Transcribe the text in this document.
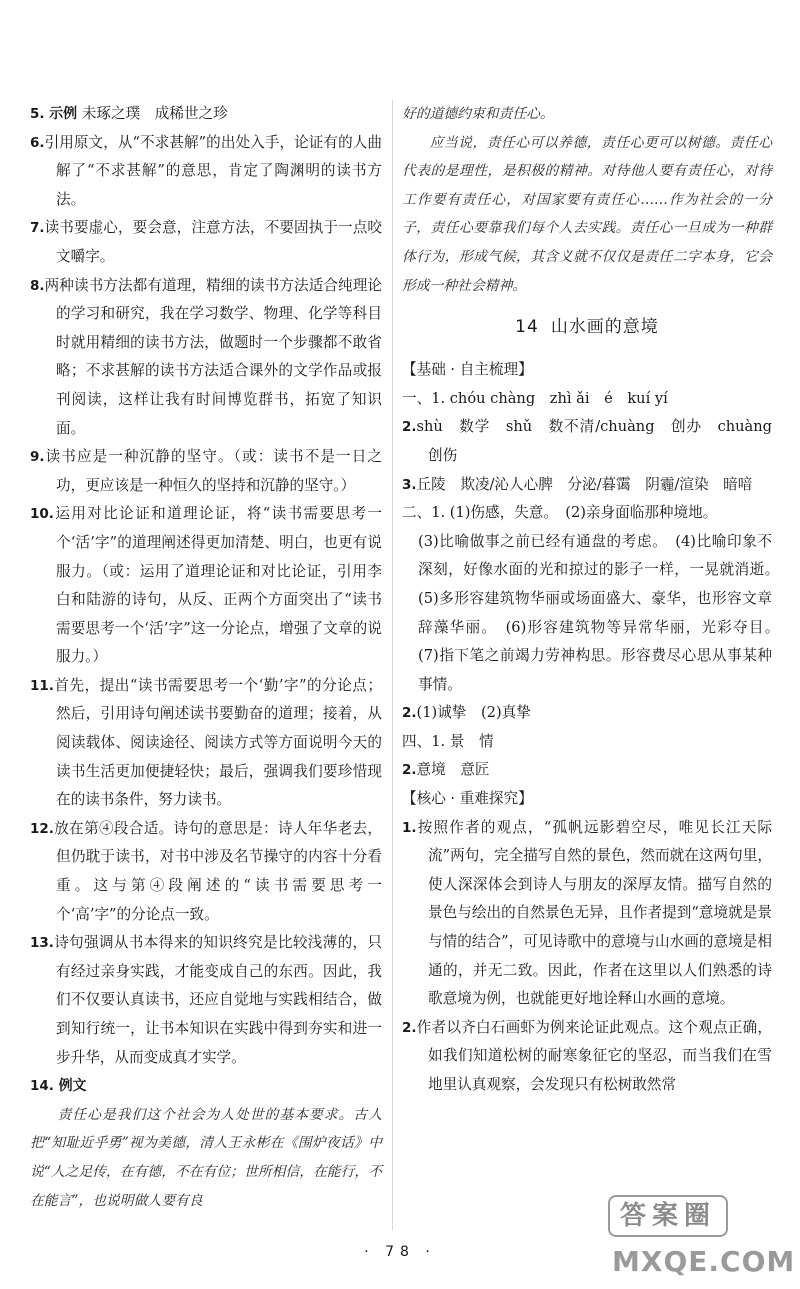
5. 示例 未琢之璞　成稀世之珍

6.引用原文，从“不求甚解”的出处入手，论证有的人曲解了“不求甚解”的意思，肯定了陶渊明的读书方法。

7.读书要虚心，要会意，注意方法，不要固执于一点咬文嚼字。

8.两种读书方法都有道理，精细的读书方法适合纯理论的学习和研究，我在学习数学、物理、化学等科目时就用精细的读书方法，做题时一个步骤都不敢省略；不求甚解的读书方法适合课外的文学作品或报刊阅读，这样让我有时间博览群书，拓宽了知识面。

9.读书应是一种沉静的坚守。（或：读书不是一日之功，更应该是一种恒久的坚持和沉静的坚守。）

10.运用对比论证和道理论证，将“读书需要思考一个‘活’字”的道理阐述得更加清楚、明白，也更有说服力。（或：运用了道理论证和对比论证，引用李白和陆游的诗句，从反、正两个方面突出了“读书需要思考一个‘活’字”这一分论点，增强了文章的说服力。）

11.首先，提出“读书需要思考一个‘勤’字”的分论点；然后，引用诗句阐述读书要勤奋的道理；接着，从阅读载体、阅读途径、阅读方式等方面说明今天的读书生活更加便捷轻快；最后，强调我们要珍惜现在的读书条件，努力读书。

12.放在第④段合适。诗句的意思是：诗人年华老去，但仍耽于读书，对书中涉及名节操守的内容十分看重。这与第④段阐述的“读书需要思考一个‘高’字”的分论点一致。

13.诗句强调从书本得来的知识终究是比较浅薄的，只有经过亲身实践，才能变成自己的东西。因此，我们不仅要认真读书，还应自觉地与实践相结合，做到知行统一，让书本知识在实践中得到夯实和进一步升华，从而变成真才实学。

14. 例文

责任心是我们这个社会为人处世的基本要求。古人把“知耻近乎勇”视为美德，清人王永彬在《围炉夜话》中说“人之足传，在有德，不在有位；世所相信，在能行，不在能言”，也说明做人要有良

好的道德约束和责任心。

应当说，责任心可以养德，责任心更可以树德。责任心代表的是理性，是积极的精神。对待他人要有责任心，对待工作要有责任心，对国家要有责任心……作为社会的一分子，责任心要靠我们每个人去实践。责任心一旦成为一种群体行为，形成气候，其含义就不仅仅是责任二字本身，它会形成一种社会精神。

14 山水画的意境

【基础 · 自主梳理】

一、1. chóu chàng　zhì ǎi　é　kuí yí

2.shù　数学　shǔ　数不清/chuàng　创办　chuàng　创伤

3.丘陵　欺凌/沁人心脾　分泌/暮霭　阴霾/渲染　暗喑

二、1. (1)伤感，失意。　(2)亲身面临那种境地。

(3)比喻做事之前已经有通盘的考虑。　(4)比喻印象不深刻，好像水面的光和掠过的影子一样，一晃就消逝。　(5)多形容建筑物华丽或场面盛大、豪华，也形容文章辞藻华丽。　(6)形容建筑物等异常华丽，光彩夺目。　(7)指下笔之前竭力劳神构思。形容费尽心思从事某种事情。

2.(1)诚挚　(2)真挚

四、1. 景　情

2.意境　意匠

【核心 · 重难探究】

1.按照作者的观点，“孤帆远影碧空尽，唯见长江天际流”两句，完全描写自然的景色，然而就在这两句里，使人深深体会到诗人与朋友的深厚友情。描写自然的景色与绘出的自然景色无异，且作者提到“意境就是景与情的结合”，可见诗歌中的意境与山水画的意境是相通的，并无二致。因此，作者在这里以人们熟悉的诗歌意境为例，也就能更好地诠释山水画的意境。

2.作者以齐白石画虾为例来论证此观点。这个观点正确，如我们知道松树的耐寒象征它的坚忍，而当我们在雪地里认真观察，会发现只有松树敢然常

· 78 ·
答案圈
MXQE.COM
